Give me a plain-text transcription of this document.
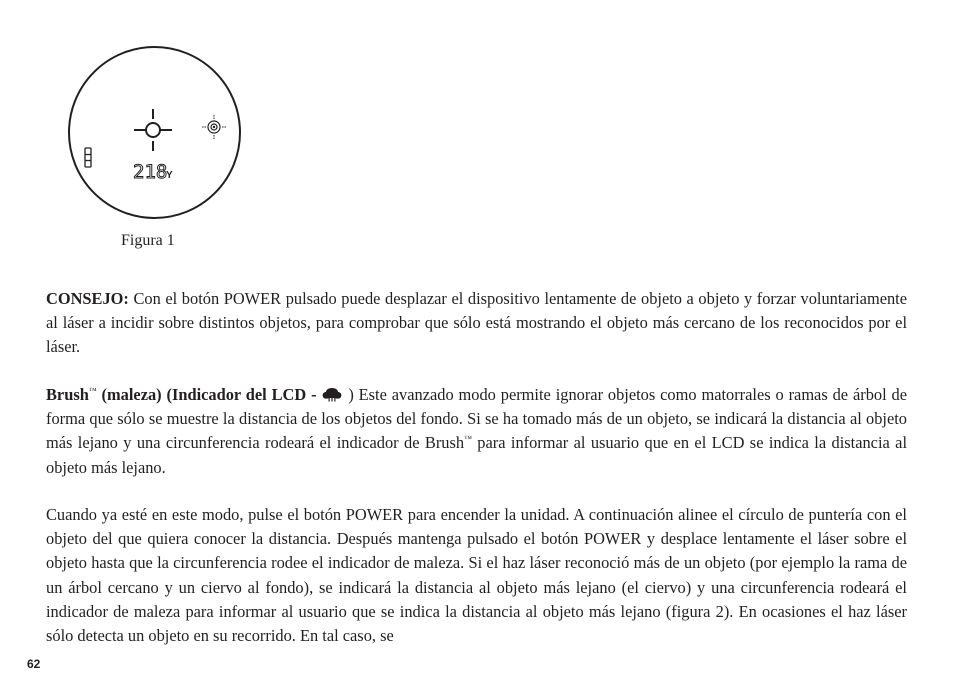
218
Y
Figura 1

CONSEJO: Con el botón POWER pulsado puede desplazar el dispositivo lentamente de objeto a objeto y forzar voluntariamente al láser a incidir sobre distintos objetos, para comprobar que sólo está mostrando el objeto más cercano de los reconocidos por el láser.

Brush™ (maleza) (Indicador del LCD -  ) Este avanzado modo permite ignorar objetos como matorrales o ramas de árbol de forma que sólo se muestre la distancia de los objetos del fondo. Si se ha tomado más de un objeto, se indicará la distancia al objeto más lejano y una circunferencia rodeará el indicador de Brush™ para informar al usuario que en el LCD se indica la distancia al objeto más lejano.

Cuando ya esté en este modo, pulse el botón POWER para encender la unidad. A continuación alinee el círculo de puntería con el objeto del que quiera conocer la distancia. Después mantenga pulsado el botón POWER y desplace lentamente el láser sobre el objeto hasta que la circunferencia rodee el indicador de maleza. Si el haz láser reconoció más de un objeto (por ejemplo la rama de un árbol cercano y un ciervo al fondo), se indicará la distancia al objeto más lejano (el ciervo) y una circunferencia rodeará el indicador de maleza para informar al usuario que se indica la distancia al objeto más lejano (figura 2). En ocasiones el haz láser sólo detecta un objeto en su recorrido. En tal caso, se

62
